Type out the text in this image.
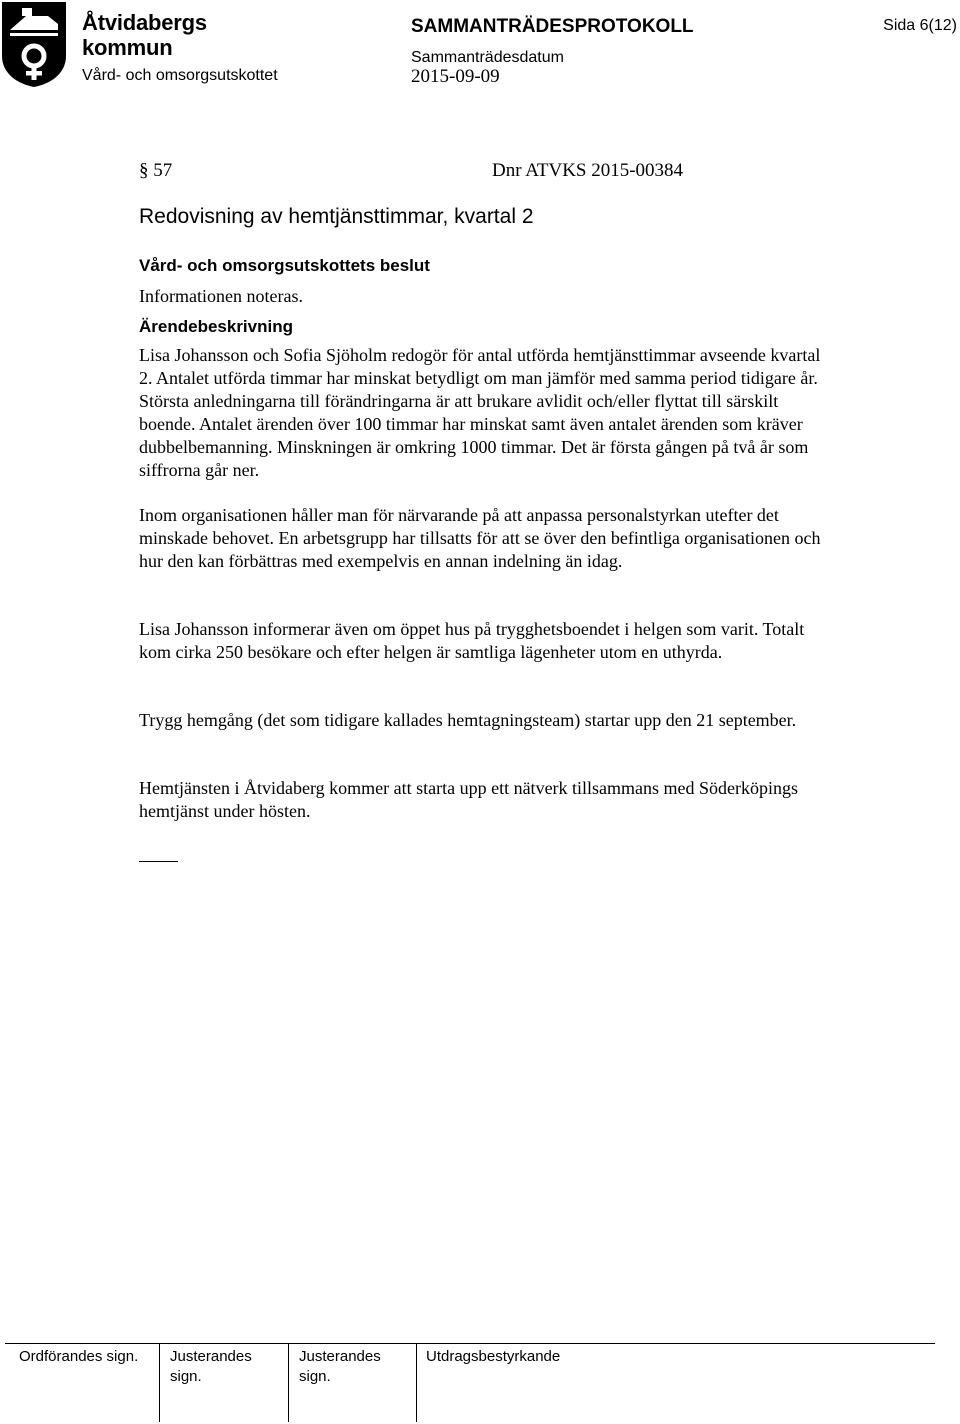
Åtvidabergs
kommun
Vård- och omsorgsutskottet
SAMMANTRÄDESPROTOKOLL
Sammanträdesdatum
2015-09-09
Sida 6(12)
§ 57	Dnr ATVKS 2015-00384
Redovisning av hemtjänsttimmar, kvartal 2
Vård- och omsorgsutskottets beslut
Informationen noteras.
Ärendebeskrivning

Lisa Johansson och Sofia Sjöholm redogör för antal utförda hemtjänsttimmar avseende kvartal 2. Antalet utförda timmar har minskat betydligt om man jämför med samma period tidigare år. Största anledningarna till förändringarna är att brukare avlidit och/eller flyttat till särskilt boende. Antalet ärenden över 100 timmar har minskat samt även antalet ärenden som kräver dubbelbemanning. Minskningen är omkring 1000 timmar. Det är första gången på två år som siffrorna går ner.

Inom organisationen håller man för närvarande på att anpassa personalstyrkan utefter det minskade behovet. En arbetsgrupp har tillsatts för att se över den befintliga organisationen och hur den kan förbättras med exempelvis en annan indelning än idag.

Lisa Johansson informerar även om öppet hus på trygghetsboendet i helgen som varit. Totalt kom cirka 250 besökare och efter helgen är samtliga lägenheter utom en uthyrda.

Trygg hemgång (det som tidigare kallades hemtagningsteam) startar upp den 21 september.

Hemtjänsten i Åtvidaberg kommer att starta upp ett nätverk tillsammans med Söderköpings hemtjänst under hösten.

Ordförandes sign. Justerandes
sign.
Justerandes
sign.
Utdragsbestyrkande
